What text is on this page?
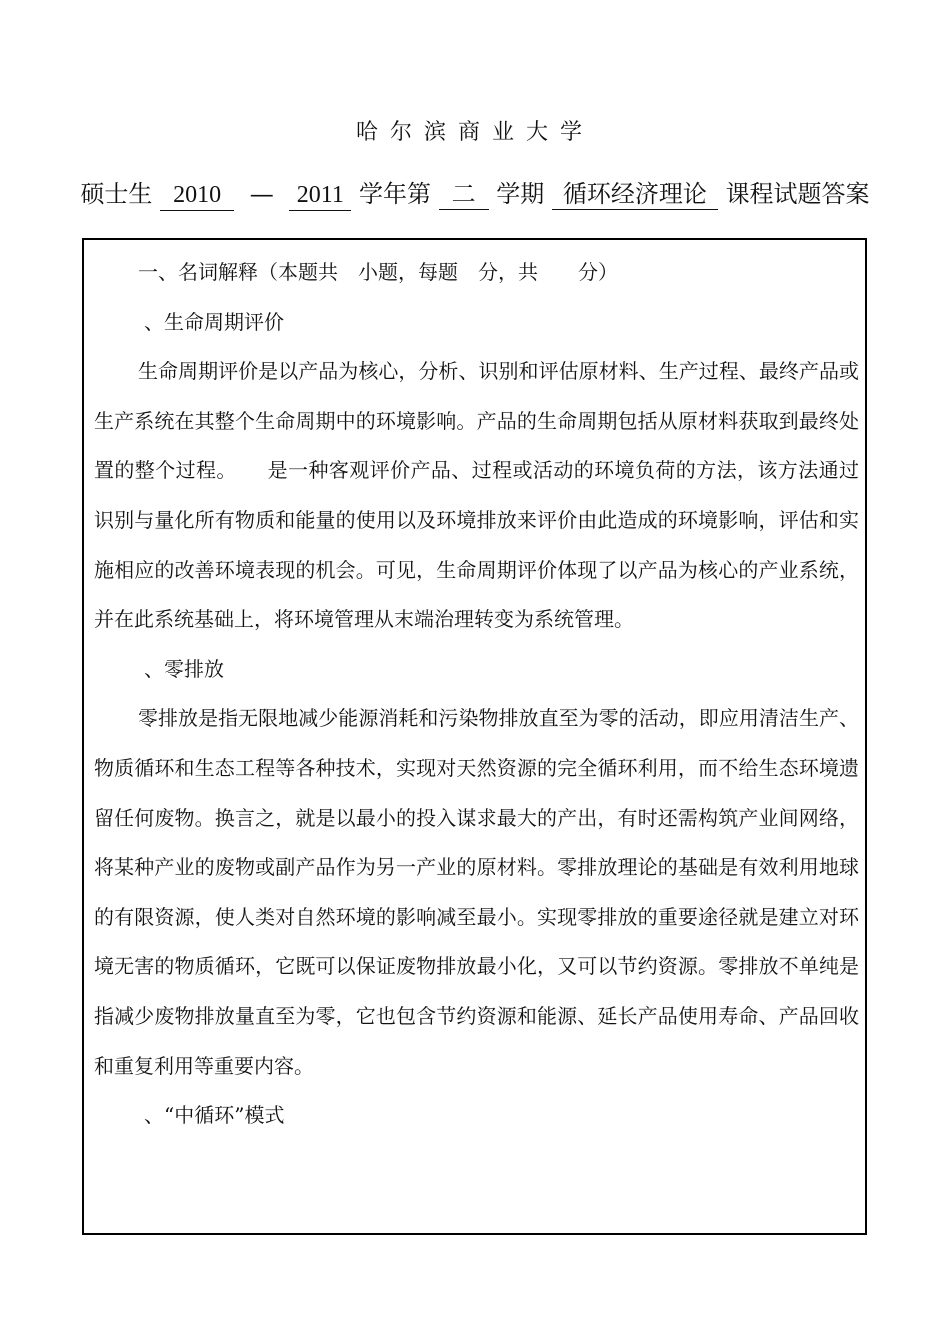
哈尔滨商业大学
硕士生 2010 — 2011 学年第 二 学期 循环经济理论 课程试题答案

一、名词解释（本题共　小题，每题　分，共　　分）

、生命周期评价

生命周期评价是以产品为核心，分析、识别和评估原材料、生产过程、最终产品或生产系统在其整个生命周期中的环境影响。产品的生命周期包括从原材料获取到最终处置的整个过程。　　是一种客观评价产品、过程或活动的环境负荷的方法，该方法通过识别与量化所有物质和能量的使用以及环境排放来评价由此造成的环境影响，评估和实施相应的改善环境表现的机会。可见，生命周期评价体现了以产品为核心的产业系统，并在此系统基础上，将环境管理从末端治理转变为系统管理。

、零排放

零排放是指无限地减少能源消耗和污染物排放直至为零的活动，即应用清洁生产、物质循环和生态工程等各种技术，实现对天然资源的完全循环利用，而不给生态环境遗留任何废物。换言之，就是以最小的投入谋求最大的产出，有时还需构筑产业间网络，将某种产业的废物或副产品作为另一产业的原材料。零排放理论的基础是有效利用地球的有限资源，使人类对自然环境的影响减至最小。实现零排放的重要途径就是建立对环境无害的物质循环，它既可以保证废物排放最小化，又可以节约资源。零排放不单纯是指减少废物排放量直至为零，它也包含节约资源和能源、延长产品使用寿命、产品回收和重复利用等重要内容。

、“中循环”模式
